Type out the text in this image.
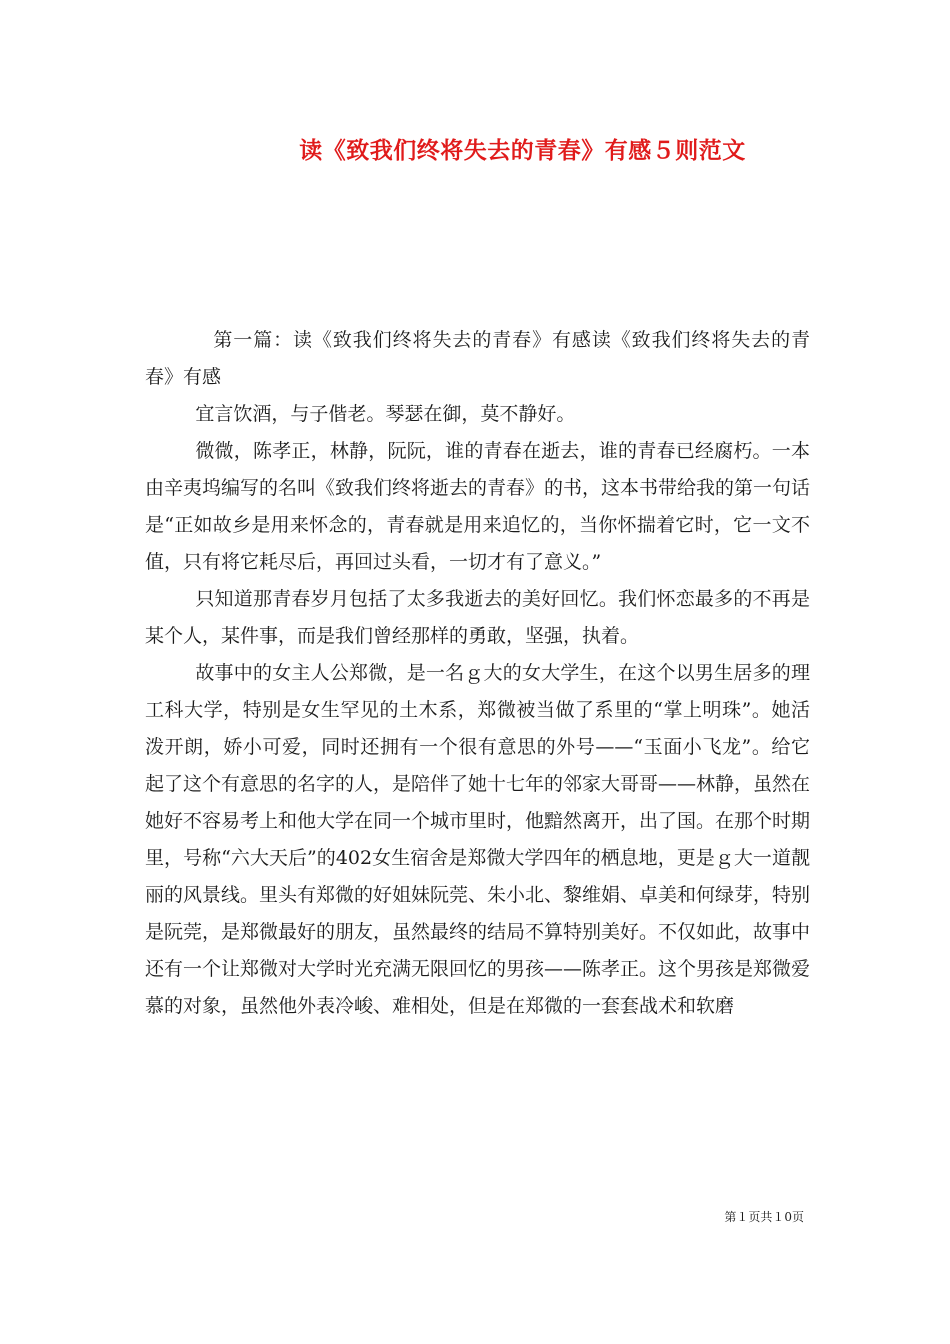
读《致我们终将失去的青春》有感５则范文

第一篇：读《致我们终将失去的青春》有感读《致我们终将失去的青春》有感

宜言饮酒，与子偕老。琴瑟在御，莫不静好。

微微，陈孝正，林静，阮阮，谁的青春在逝去，谁的青春已经腐朽。一本由辛夷坞编写的名叫《致我们终将逝去的青春》的书，这本书带给我的第一句话是“正如故乡是用来怀念的，青春就是用来追忆的，当你怀揣着它时，它一文不值，只有将它耗尽后，再回过头看，一切才有了意义。”

只知道那青春岁月包括了太多我逝去的美好回忆。我们怀恋最多的不再是某个人，某件事，而是我们曾经那样的勇敢，坚强，执着。

故事中的女主人公郑微，是一名ｇ大的女大学生，在这个以男生居多的理工科大学，特别是女生罕见的土木系，郑微被当做了系里的“掌上明珠”。她活泼开朗，娇小可爱，同时还拥有一个很有意思的外号——“玉面小飞龙”。给它起了这个有意思的名字的人，是陪伴了她十七年的邻家大哥哥——林静，虽然在她好不容易考上和他大学在同一个城市里时，他黯然离开，出了国。在那个时期里，号称“六大天后”的402女生宿舍是郑微大学四年的栖息地，更是ｇ大一道靓丽的风景线。里头有郑微的好姐妹阮莞、朱小北、黎维娟、卓美和何绿芽，特别是阮莞，是郑微最好的朋友，虽然最终的结局不算特别美好。不仅如此，故事中还有一个让郑微对大学时光充满无限回忆的男孩——陈孝正。这个男孩是郑微爱慕的对象，虽然他外表冷峻、难相处，但是在郑微的一套套战术和软磨

第１页共１0页
